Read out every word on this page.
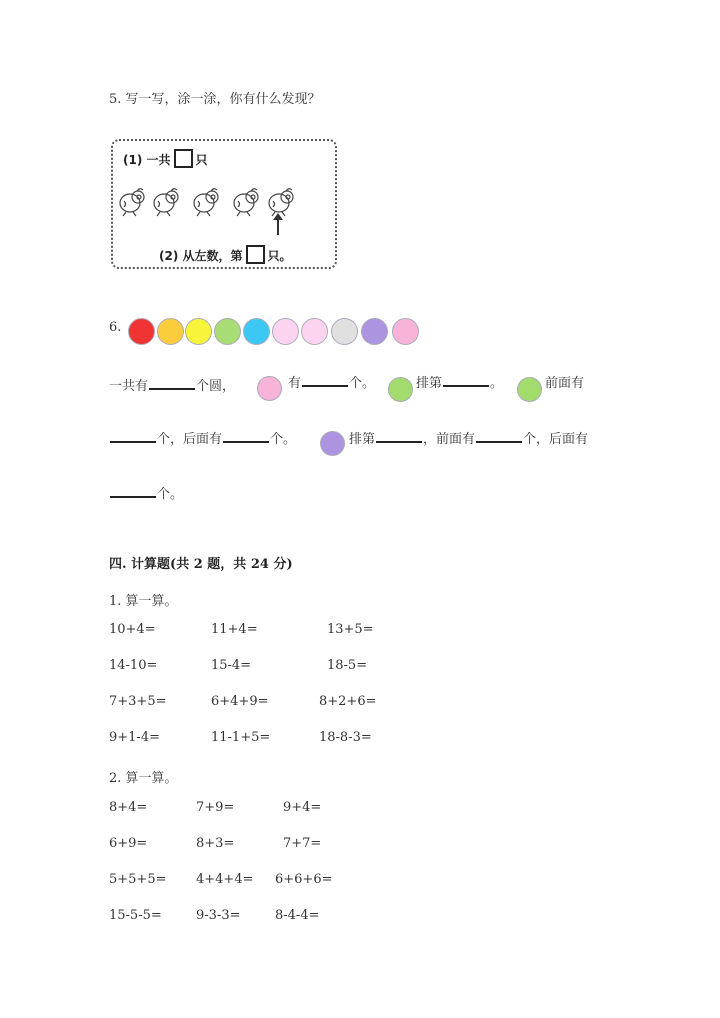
5. 写一写，涂一涂，你有什么发现？
(1) 一共 只
(2) 从左数，第 只。
6.
一共有	个圆，	有	个。	排第	。	前面有
个，后面有	个。	排第	，前面有	个，后面有
个。
四. 计算题(共 2 题，共 24 分)
1. 算一算。
10+4=	11+4=	13+5=
14-10=	15-4=	18-5=
7+3+5=	6+4+9=	8+2+6=
9+1-4=	11-1+5=	18-8-3=
2. 算一算。
8+4=	7+9=	9+4=
6+9=	8+3=	7+7=
5+5+5= 4+4+4= 6+6+6=
15-5-5=	9-3-3=	8-4-4=
